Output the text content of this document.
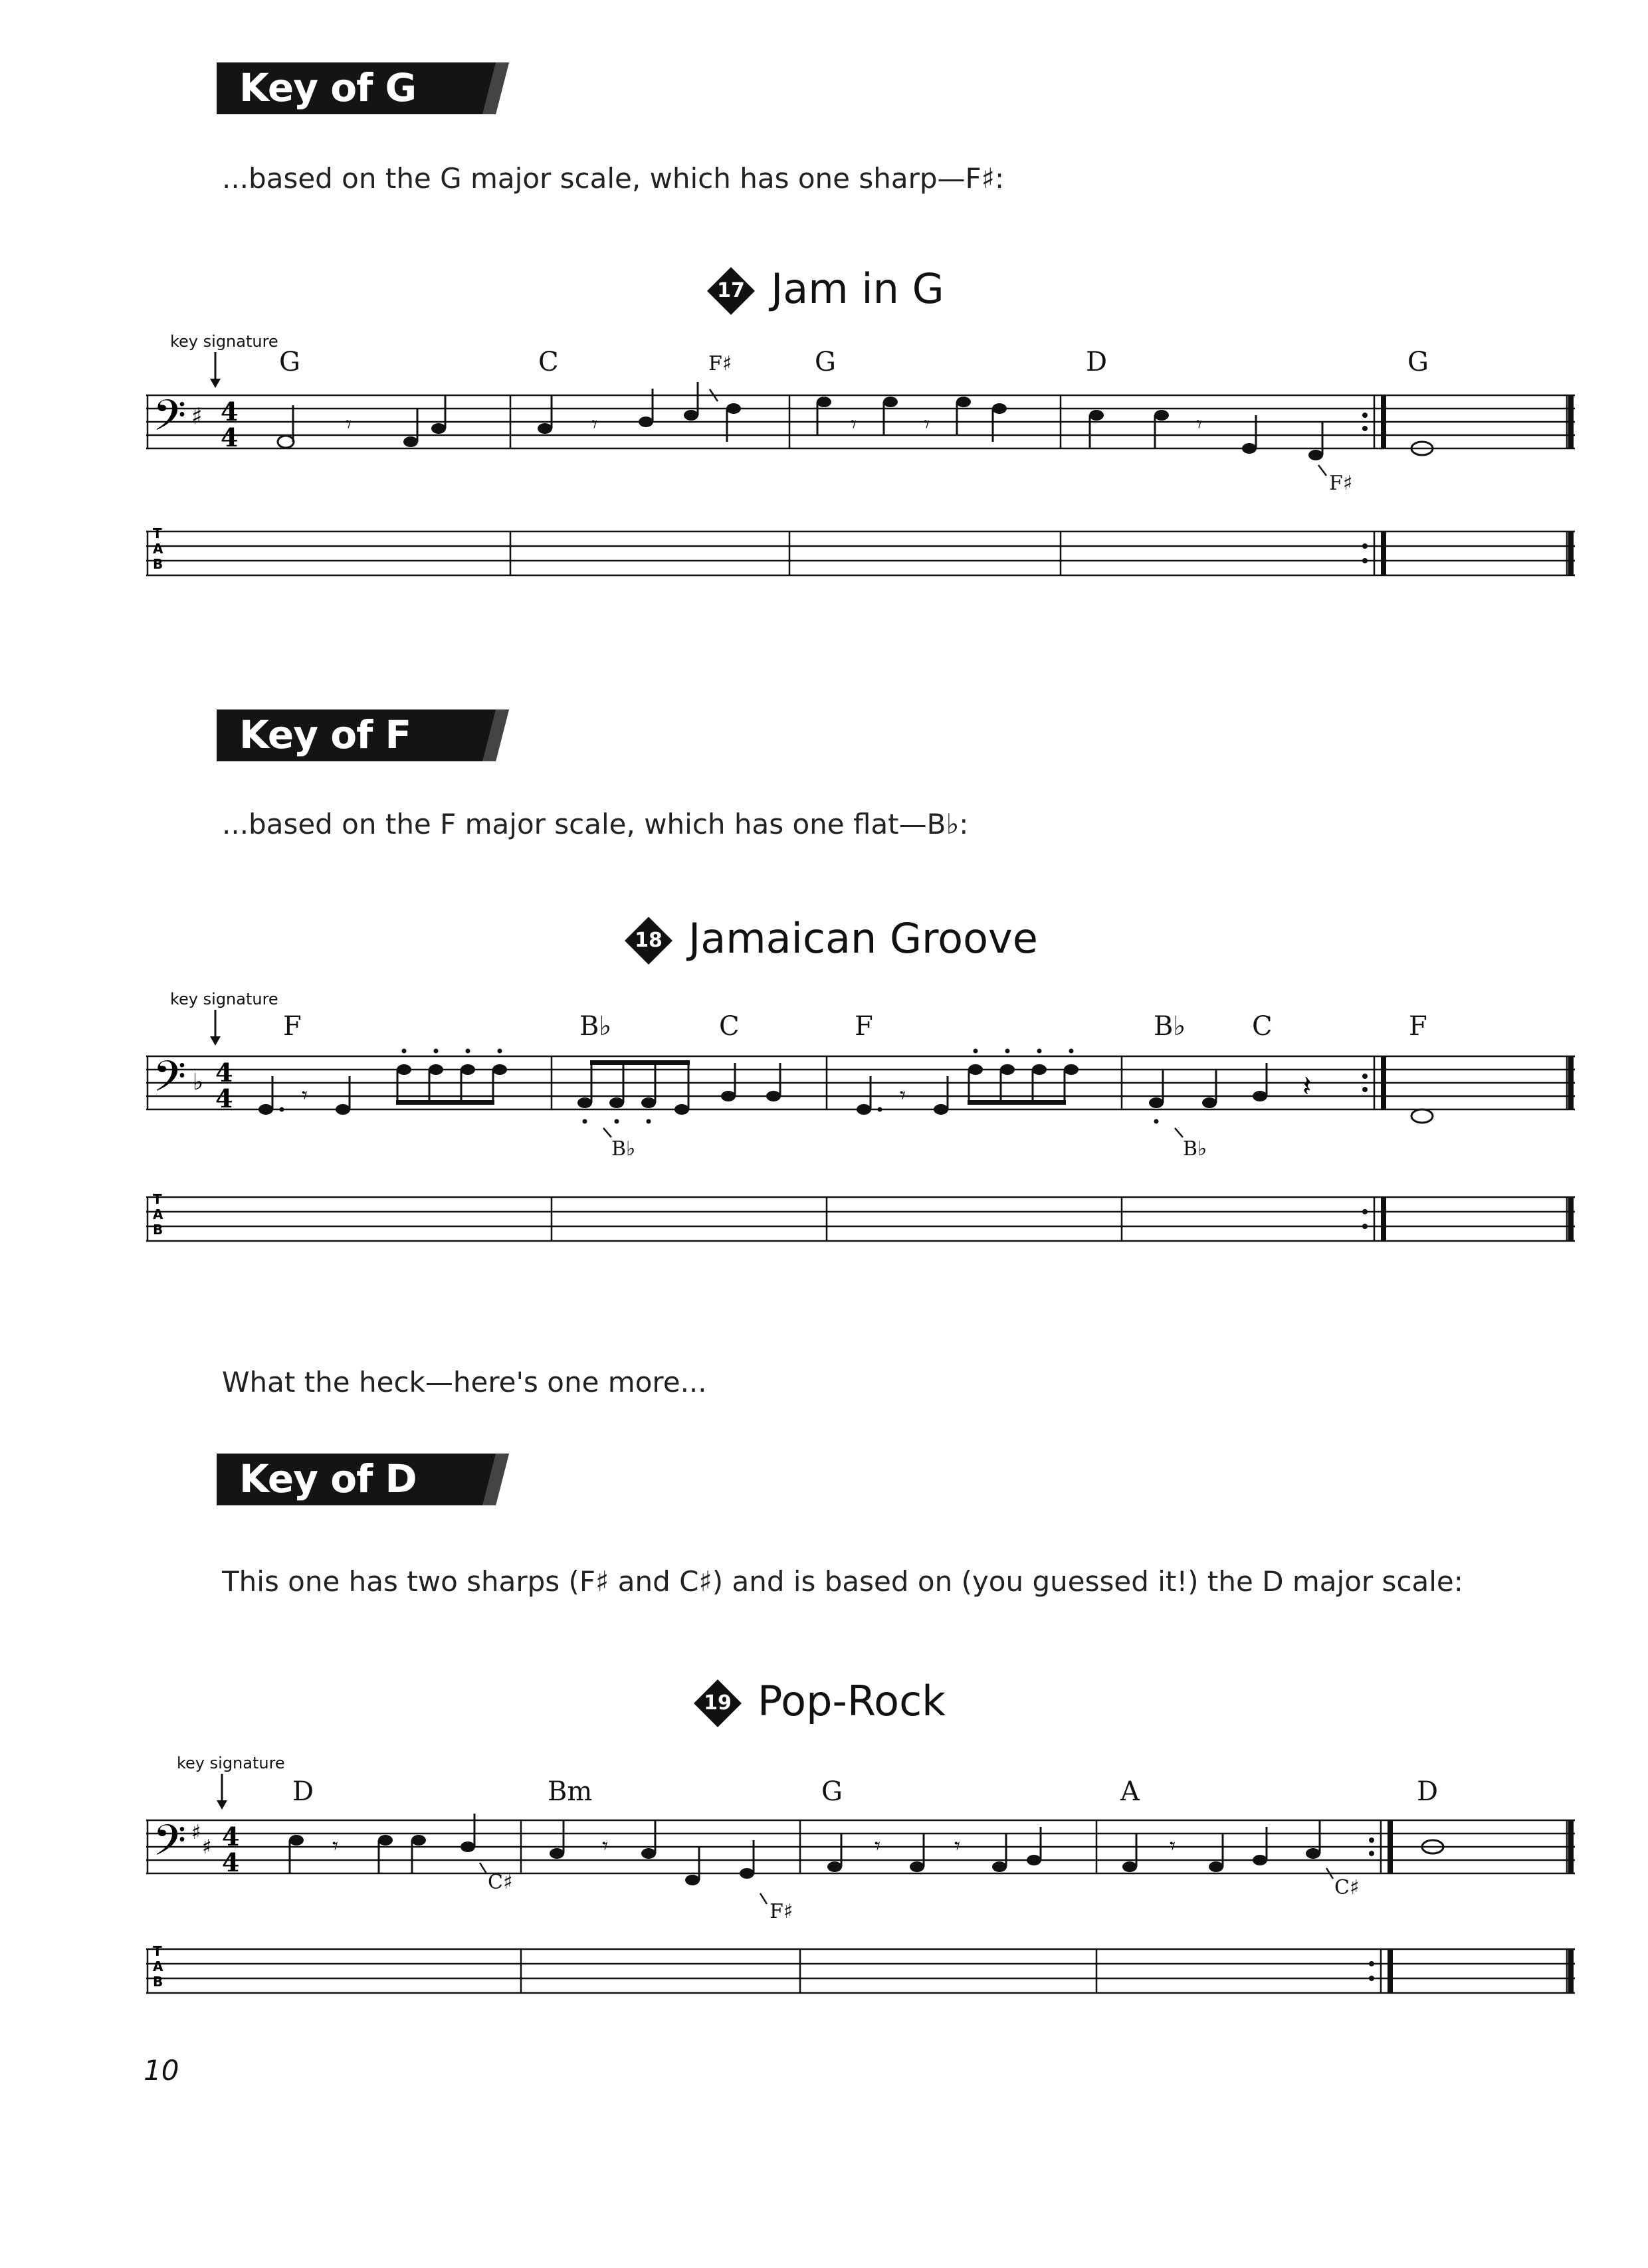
Key of G
...based on the G major scale, which has one sharp—F♯:
17 Jam in G
key signature
𝄢 ♯ 4
4	𝄾	𝄾	𝄾	𝄾	𝄾
T
A
B
G	C	G	D	G
F♯
F♯
Key of F
...based on the F major scale, which has one flat—B♭:
18 Jamaican Groove
key signature
𝄢 ♭ 4
4	𝄽
𝄾	𝄾
T
A
B
F	B♭	C	F	B♭ C	F
B♭	B♭
What the heck—here's one more...
Key of D
This one has two sharps (F♯ and C♯) and is based on (you guessed it!) the D major scale:
19 Pop-Rock
key signature
𝄢 ♯
♯ 4
4
𝄾	𝄾	𝄾	𝄾	𝄾
T
A
B
D	Bm	G	A	D
C♯
F♯
C♯
10
